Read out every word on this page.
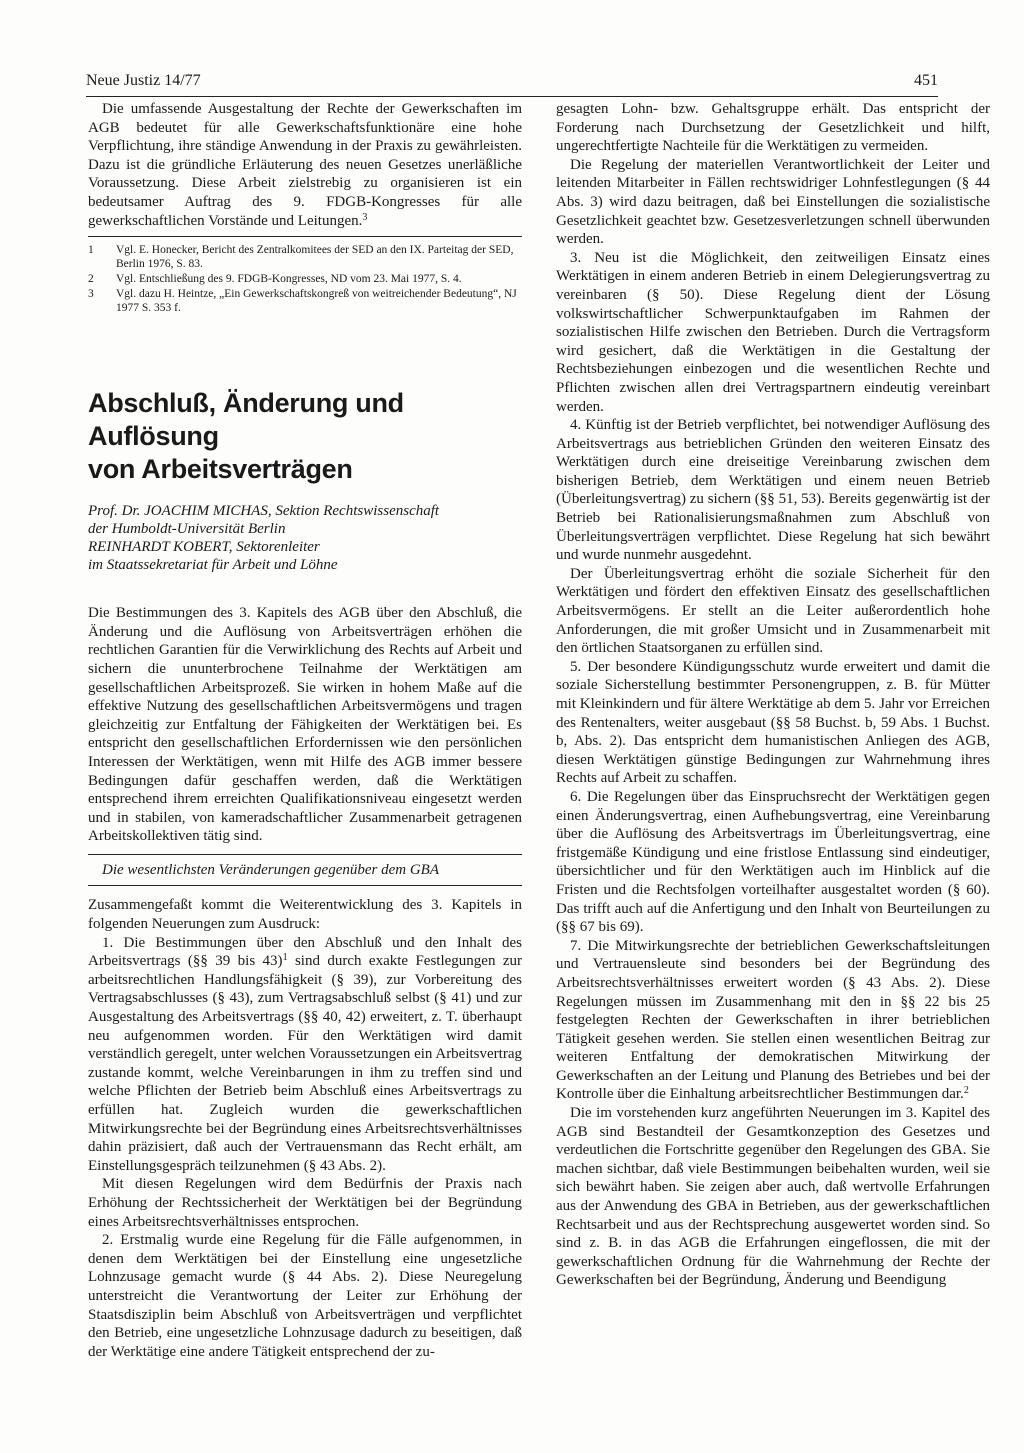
Neue Justiz 14/77	451

Die umfassende Ausgestaltung der Rechte der Gewerkschaften im AGB bedeutet für alle Gewerkschaftsfunktionäre eine hohe Verpflichtung, ihre ständige Anwendung in der Praxis zu gewährleisten. Dazu ist die gründliche Erläuterung des neuen Gesetzes unerläßliche Voraussetzung. Diese Arbeit zielstrebig zu organisieren ist ein bedeutsamer Auftrag des 9. FDGB-Kongresses für alle gewerkschaftlichen Vorstände und Leitungen.$^3$

1 Vgl. E. Honecker, Bericht des Zentralkomitees der SED an den IX. Parteitag der SED, Berlin 1976, S. 83.
2 Vgl. Entschließung des 9. FDGB-Kongresses, ND vom 23. Mai 1977, S. 4.
3 Vgl. dazu H. Heintze, „Ein Gewerkschaftskongreß von weitreichender Bedeutung“, NJ 1977 S. 353 f.
Abschluß, Änderung und Auflösung
von Arbeitsverträgen
Prof. Dr. JOACHIM MICHAS, Sektion Rechtswissenschaft
der Humboldt-Universität Berlin
REINHARDT KOBERT, Sektorenleiter
im Staatssekretariat für Arbeit und Löhne

Die Bestimmungen des 3. Kapitels des AGB über den Abschluß, die Änderung und die Auflösung von Arbeitsverträgen erhöhen die rechtlichen Garantien für die Verwirklichung des Rechts auf Arbeit und sichern die ununterbrochene Teilnahme der Werktätigen am gesellschaftlichen Arbeitsprozeß. Sie wirken in hohem Maße auf die effektive Nutzung des gesellschaftlichen Arbeitsvermögens und tragen gleichzeitig zur Entfaltung der Fähigkeiten der Werktätigen bei. Es entspricht den gesellschaftlichen Erfordernissen wie den persönlichen Interessen der Werktätigen, wenn mit Hilfe des AGB immer bessere Bedingungen dafür geschaffen werden, daß die Werktätigen entsprechend ihrem erreichten Qualifikationsniveau eingesetzt werden und in stabilen, von kameradschaftlicher Zusammenarbeit getragenen Arbeitskollektiven tätig sind.

Die wesentlichsten Veränderungen gegenüber dem GBA

Zusammengefaßt kommt die Weiterentwicklung des 3. Kapitels in folgenden Neuerungen zum Ausdruck:

1. Die Bestimmungen über den Abschluß und den Inhalt des Arbeitsvertrags (§§ 39 bis 43)$^1$ sind durch exakte Festlegungen zur arbeitsrechtlichen Handlungsfähigkeit (§ 39), zur Vorbereitung des Vertragsabschlusses (§ 43), zum Vertragsabschluß selbst (§ 41) und zur Ausgestaltung des Arbeitsvertrags (§§ 40, 42) erweitert, z. T. überhaupt neu aufgenommen worden. Für den Werktätigen wird damit verständlich geregelt, unter welchen Voraussetzungen ein Arbeitsvertrag zustande kommt, welche Vereinbarungen in ihm zu treffen sind und welche Pflichten der Betrieb beim Abschluß eines Arbeitsvertrags zu erfüllen hat. Zugleich wurden die gewerkschaftlichen Mitwirkungsrechte bei der Begründung eines Arbeitsrechtsverhältnisses dahin präzisiert, daß auch der Vertrauensmann das Recht erhält, am Einstellungsgespräch teilzunehmen (§ 43 Abs. 2).

Mit diesen Regelungen wird dem Bedürfnis der Praxis nach Erhöhung der Rechtssicherheit der Werktätigen bei der Begründung eines Arbeitsrechtsverhältnisses entsprochen.

2. Erstmalig wurde eine Regelung für die Fälle aufgenommen, in denen dem Werktätigen bei der Einstellung eine ungesetzliche Lohnzusage gemacht wurde (§ 44 Abs. 2). Diese Neuregelung unterstreicht die Verantwortung der Leiter zur Erhöhung der Staatsdisziplin beim Abschluß von Arbeitsverträgen und verpflichtet den Betrieb, eine ungesetzliche Lohnzusage dadurch zu beseitigen, daß der Werktätige eine andere Tätigkeit entsprechend der zu-

gesagten Lohn- bzw. Gehaltsgruppe erhält. Das entspricht der Forderung nach Durchsetzung der Gesetzlichkeit und hilft, ungerechtfertigte Nachteile für die Werktätigen zu vermeiden.

Die Regelung der materiellen Verantwortlichkeit der Leiter und leitenden Mitarbeiter in Fällen rechtswidriger Lohnfestlegungen (§ 44 Abs. 3) wird dazu beitragen, daß bei Einstellungen die sozialistische Gesetzlichkeit geachtet bzw. Gesetzesverletzungen schnell überwunden werden.

3. Neu ist die Möglichkeit, den zeitweiligen Einsatz eines Werktätigen in einem anderen Betrieb in einem Delegierungsvertrag zu vereinbaren (§ 50). Diese Regelung dient der Lösung volkswirtschaftlicher Schwerpunktaufgaben im Rahmen der sozialistischen Hilfe zwischen den Betrieben. Durch die Vertragsform wird gesichert, daß die Werktätigen in die Gestaltung der Rechtsbeziehungen einbezogen und die wesentlichen Rechte und Pflichten zwischen allen drei Vertragspartnern eindeutig vereinbart werden.

4. Künftig ist der Betrieb verpflichtet, bei notwendiger Auflösung des Arbeitsvertrags aus betrieblichen Gründen den weiteren Einsatz des Werktätigen durch eine dreiseitige Vereinbarung zwischen dem bisherigen Betrieb, dem Werktätigen und einem neuen Betrieb (Überleitungsvertrag) zu sichern (§§ 51, 53). Bereits gegenwärtig ist der Betrieb bei Rationalisierungsmaßnahmen zum Abschluß von Überleitungsverträgen verpflichtet. Diese Regelung hat sich bewährt und wurde nunmehr ausgedehnt.

Der Überleitungsvertrag erhöht die soziale Sicherheit für den Werktätigen und fördert den effektiven Einsatz des gesellschaftlichen Arbeitsvermögens. Er stellt an die Leiter außerordentlich hohe Anforderungen, die mit großer Umsicht und in Zusammenarbeit mit den örtlichen Staatsorganen zu erfüllen sind.

5. Der besondere Kündigungsschutz wurde erweitert und damit die soziale Sicherstellung bestimmter Personengruppen, z. B. für Mütter mit Kleinkindern und für ältere Werktätige ab dem 5. Jahr vor Erreichen des Rentenalters, weiter ausgebaut (§§ 58 Buchst. b, 59 Abs. 1 Buchst. b, Abs. 2). Das entspricht dem humanistischen Anliegen des AGB, diesen Werktätigen günstige Bedingungen zur Wahrnehmung ihres Rechts auf Arbeit zu schaffen.

6. Die Regelungen über das Einspruchsrecht der Werktätigen gegen einen Änderungsvertrag, einen Aufhebungsvertrag, eine Vereinbarung über die Auflösung des Arbeitsvertrags im Überleitungsvertrag, eine fristgemäße Kündigung und eine fristlose Entlassung sind eindeutiger, übersichtlicher und für den Werktätigen auch im Hinblick auf die Fristen und die Rechtsfolgen vorteilhafter ausgestaltet worden (§ 60). Das trifft auch auf die Anfertigung und den Inhalt von Beurteilungen zu (§§ 67 bis 69).

7. Die Mitwirkungsrechte der betrieblichen Gewerkschaftsleitungen und Vertrauensleute sind besonders bei der Begründung des Arbeitsrechtsverhältnisses erweitert worden (§ 43 Abs. 2). Diese Regelungen müssen im Zusammenhang mit den in §§ 22 bis 25 festgelegten Rechten der Gewerkschaften in ihrer betrieblichen Tätigkeit gesehen werden. Sie stellen einen wesentlichen Beitrag zur weiteren Entfaltung der demokratischen Mitwirkung der Gewerkschaften an der Leitung und Planung des Betriebes und bei der Kontrolle über die Einhaltung arbeitsrechtlicher Bestimmungen dar.$^2$

Die im vorstehenden kurz angeführten Neuerungen im 3. Kapitel des AGB sind Bestandteil der Gesamtkonzeption des Gesetzes und verdeutlichen die Fortschritte gegenüber den Regelungen des GBA. Sie machen sichtbar, daß viele Bestimmungen beibehalten wurden, weil sie sich bewährt haben. Sie zeigen aber auch, daß wertvolle Erfahrungen aus der Anwendung des GBA in Betrieben, aus der gewerkschaftlichen Rechtsarbeit und aus der Rechtsprechung ausgewertet worden sind. So sind z. B. in das AGB die Erfahrungen eingeflossen, die mit der gewerkschaftlichen Ordnung für die Wahrnehmung der Rechte der Gewerkschaften bei der Begründung, Änderung und Beendigung
